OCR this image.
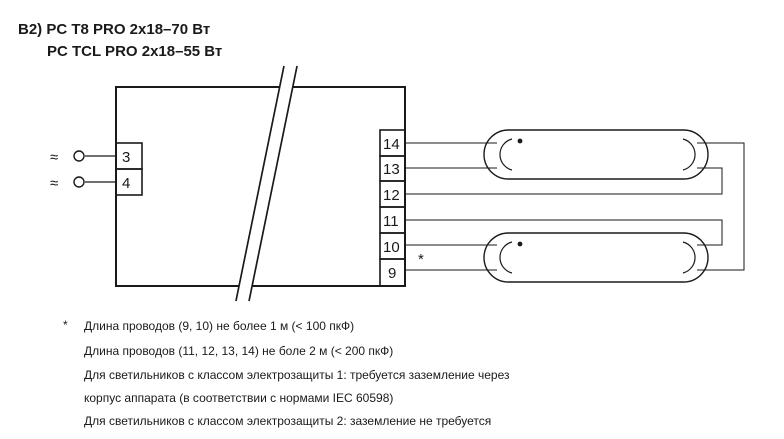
B2) PC T8 PRO 2x18–70 Вт
PC TCL PRO 2x18–55 Вт
3
4
≈
≈
14
13
12
11
10
9
*
* Длина проводов (9, 10) не более 1 м (< 100 пкФ)
Длина проводов (11, 12, 13, 14) не боле 2 м (< 200 пкФ)
Для светильников с классом электрозащиты 1: требуется заземление через
корпус аппарата (в соответствии с нормами IEC 60598)
Для светильников с классом электрозащиты 2: заземление не требуется
